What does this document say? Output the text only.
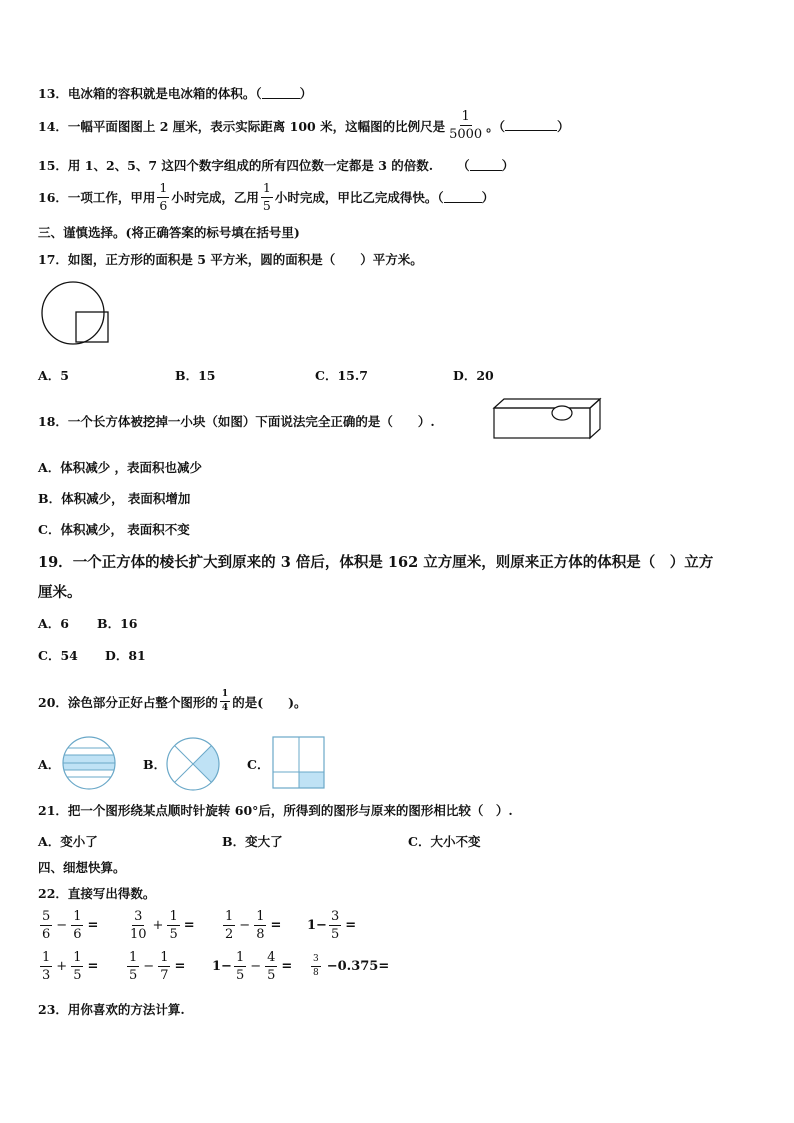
13． 电冰箱的容积就是电冰箱的体积。（	）
14． 一幅平面图图上 2 厘米，表示实际距离 100 米，这幅图的比例尺是 $\frac{1}{5000}$ 。（	）
15． 用 1、2、5、7 这四个数字组成的所有四位数一定都是 3 的倍数. （	）
16． 一项工作，甲用 $\frac{1}{6}$ 小时完成，乙用 $\frac{1}{5}$ 小时完成，甲比乙完成得快。（	）
三、谨慎选择。(将正确答案的标号填在括号里)
17． 如图，正方形的面积是 5 平方米，圆的面积是（　　）平方米。
A．5	B．15	C．15.7	D．20
18． 一个长方体被挖掉一小块（如图）下面说法完全正确的是（　　）.
A．体积减少 ，表面积也减少
B．体积减少， 表面积增加
C．体积减少， 表面积不变
19． 一个正方体的棱长扩大到原来的 3 倍后，体积是 162 立方厘米，则原来正方体的体积是（　）立方
厘米。
A．6 B．16
C．54 D．81
20． 涂色部分正好占整个图形的 $\frac{1}{4}$ 的是(　　)。
A．	B．	C．
21． 把一个图形绕某点顺时针旋转 60°后，所得到的图形与原来的图形相比较（　）.
A．变小了	B．变大了	C．大小不变
四、细想快算。
22． 直接写出得数。
$\frac{5}{6} - \frac{1}{6} = \frac{3}{10} + \frac{1}{5} = \frac{1}{2} - \frac{1}{8} = 1- \frac{3}{5}$ =
$\frac{1}{3} + \frac{1}{5} = \frac{1}{5} - \frac{1}{7} = 1- \frac{1}{5} - \frac{4}{5} = \frac{3}{8} -0.375=$
23． 用你喜欢的方法计算.
